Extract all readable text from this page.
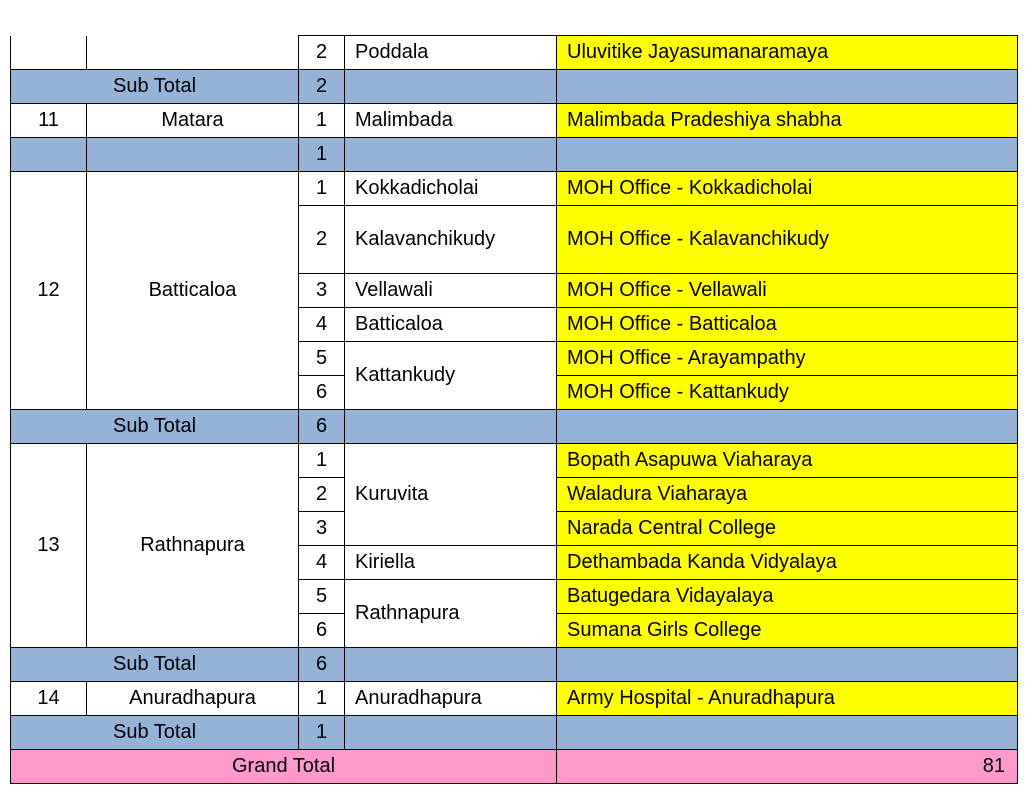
		2	Poddala	Uluvitike Jayasumanaramaya
Sub Total		2		
11	Matara	1	Malimbada	Malimbada Pradeshiya shabha
		1		
12	Batticaloa	1	Kokkadicholai	MOH Office - Kokkadicholai
		2	Kalavanchikudy	MOH Office - Kalavanchikudy
		3	Vellawali	MOH Office - Vellawali
		4	Batticaloa	MOH Office - Batticaloa
		5	Kattankudy	MOH Office - Arayampathy
		6		MOH Office - Kattankudy
Sub Total		6		
13	Rathnapura	1	Kuruvita	Bopath Asapuwa Viaharaya
		2		Waladura Viaharaya
		3		Narada Central College
		4	Kiriella	Dethambada Kanda Vidyalaya
		5	Rathnapura	Batugedara Vidayalaya
		6		Sumana Girls College
Sub Total		6		
14	Anuradhapura	1	Anuradhapura	Army Hospital - Anuradhapura
Sub Total		1		
Grand Total				81
